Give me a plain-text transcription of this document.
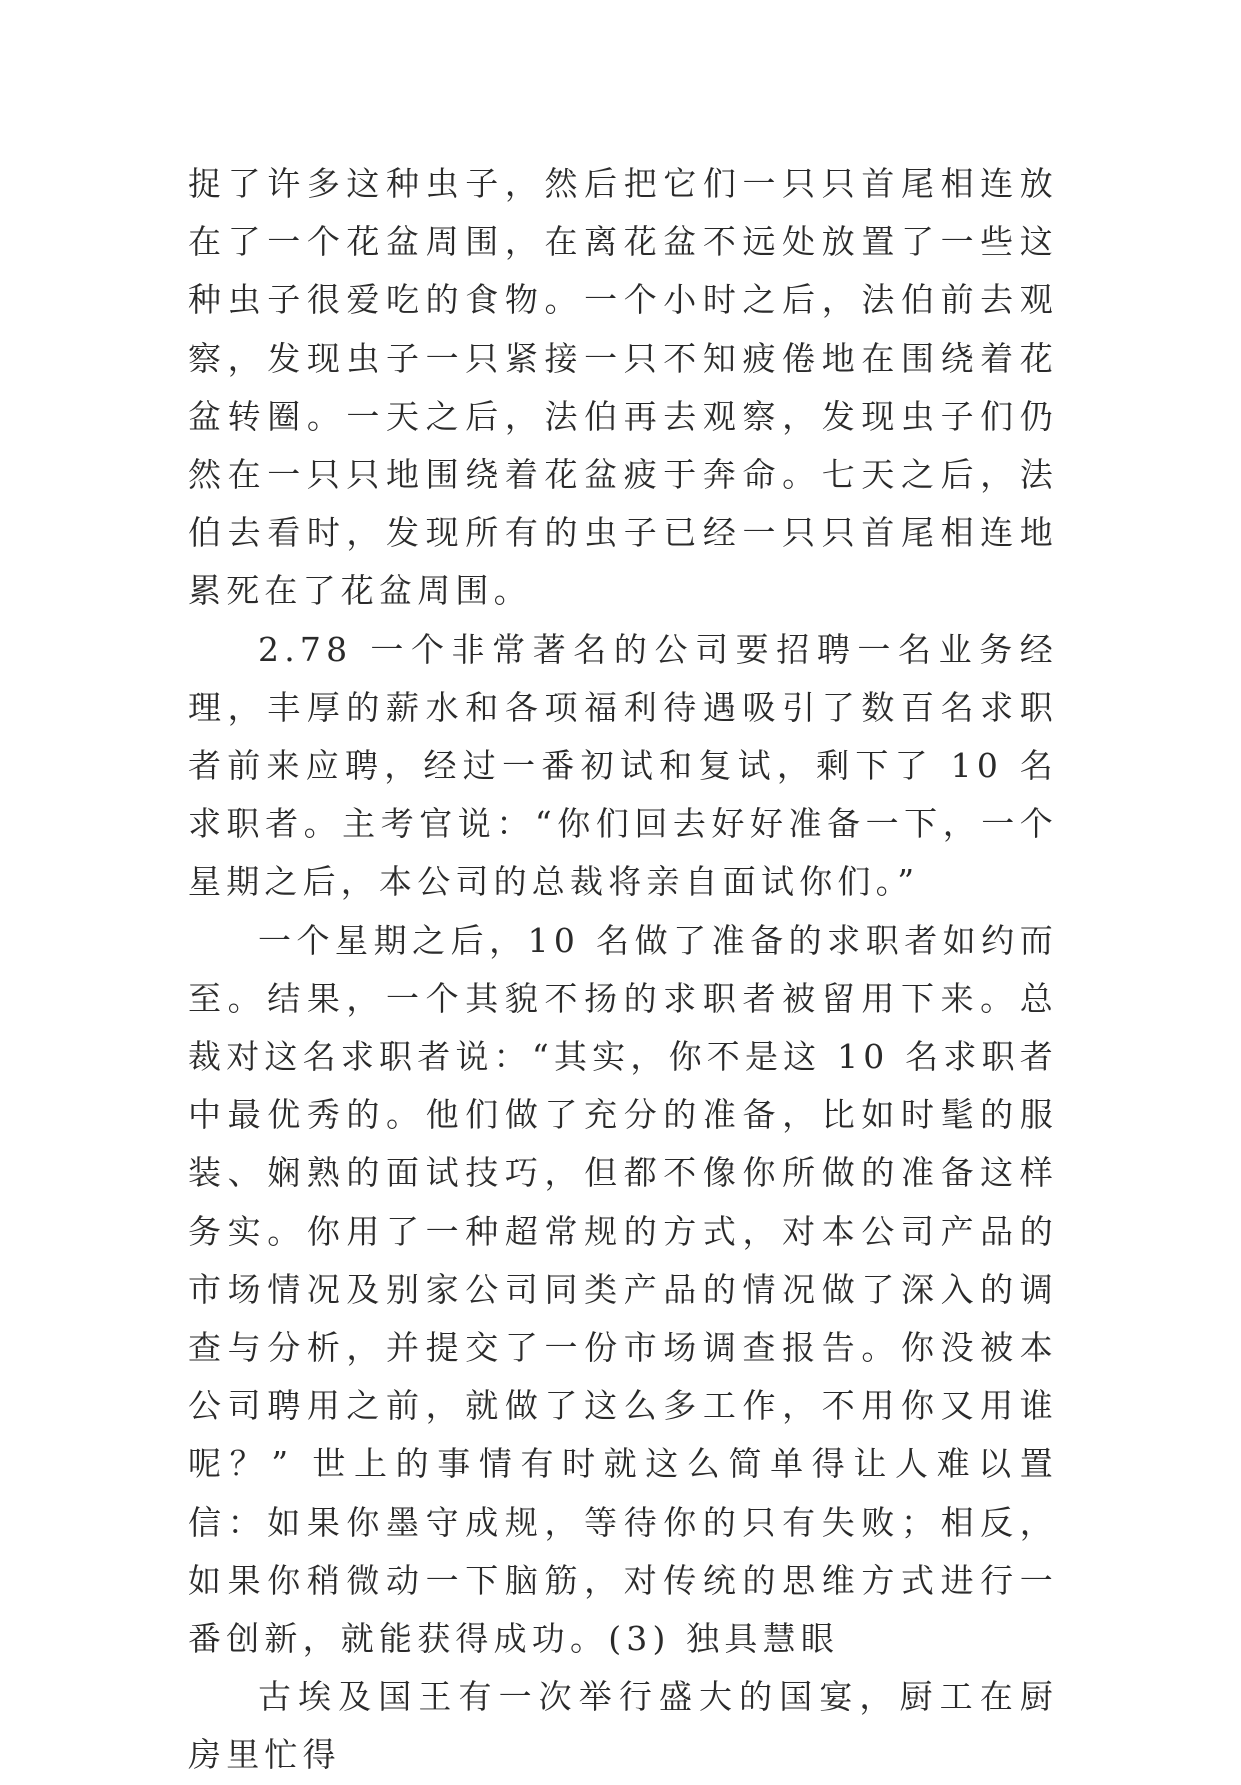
捉了许多这种虫子，然后把它们一只只首尾相连放在了一个花盆周围，在离花盆不远处放置了一些这种虫子很爱吃的食物。一个小时之后，法伯前去观察，发现虫子一只紧接一只不知疲倦地在围绕着花盆转圈。一天之后，法伯再去观察，发现虫子们仍然在一只只地围绕着花盆疲于奔命。七天之后，法伯去看时，发现所有的虫子已经一只只首尾相连地累死在了花盆周围。

2.78 一个非常著名的公司要招聘一名业务经理，丰厚的薪水和各项福利待遇吸引了数百名求职者前来应聘，经过一番初试和复试，剩下了 10 名求职者。主考官说：“你们回去好好准备一下，一个星期之后，本公司的总裁将亲自面试你们。”

一个星期之后，10 名做了准备的求职者如约而至。结果，一个其貌不扬的求职者被留用下来。总裁对这名求职者说：“其实，你不是这 10 名求职者中最优秀的。他们做了充分的准备，比如时髦的服装、娴熟的面试技巧，但都不像你所做的准备这样务实。你用了一种超常规的方式，对本公司产品的市场情况及别家公司同类产品的情况做了深入的调查与分析，并提交了一份市场调查报告。你没被本公司聘用之前，就做了这么多工作，不用你又用谁呢？” 世上的事情有时就这么简单得让人难以置信：如果你墨守成规，等待你的只有失败；相反，如果你稍微动一下脑筋，对传统的思维方式进行一番创新，就能获得成功。(3) 独具慧眼

古埃及国王有一次举行盛大的国宴，厨工在厨房里忙得
